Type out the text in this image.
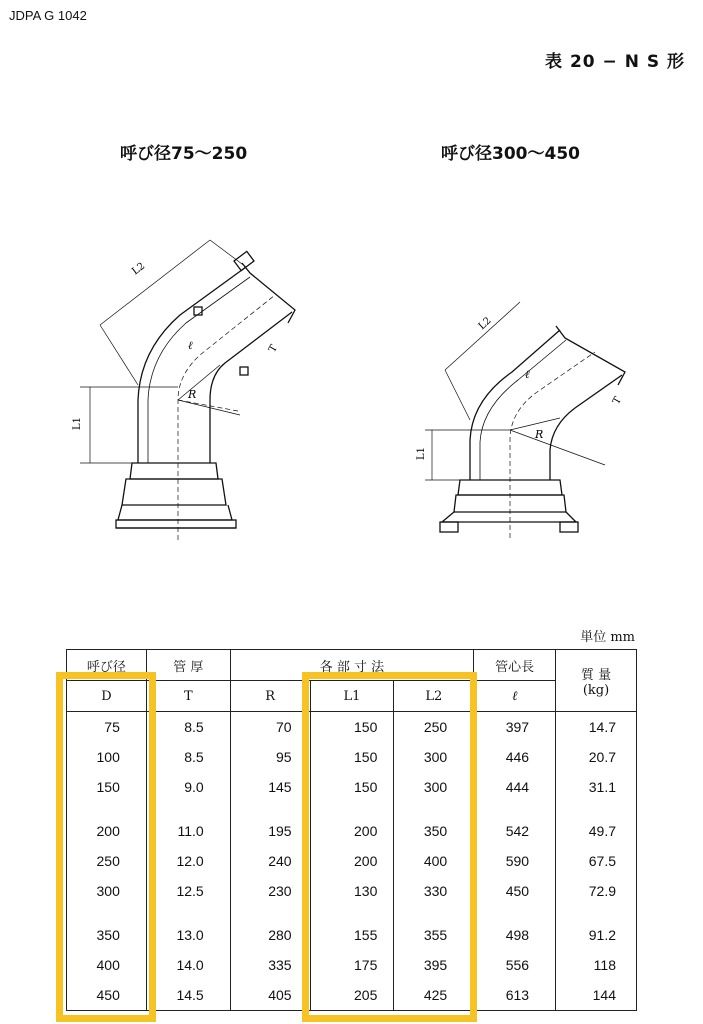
JDPA G 1042
表 20 − N S 形
呼び径75〜250	呼び径300〜450
L2
L1
ℓ
R
T
L2
L1
ℓ
R
T
単位 mm
呼び径	管 厚	各 部 寸 法			管心長	質 量
(kg)

D	T	R	L1	L2	ℓ	
75	8.5	70	150	250	397	14.7
100	8.5	95	150	300	446	20.7
150	9.0	145	150	300	444	31.1
200	11.0	195	200	350	542	49.7
250	12.0	240	200	400	590	67.5
300	12.5	230	130	330	450	72.9
350	13.0	280	155	355	498	91.2
400	14.0	335	175	395	556	118
450	14.5	405	205	425	613	144
